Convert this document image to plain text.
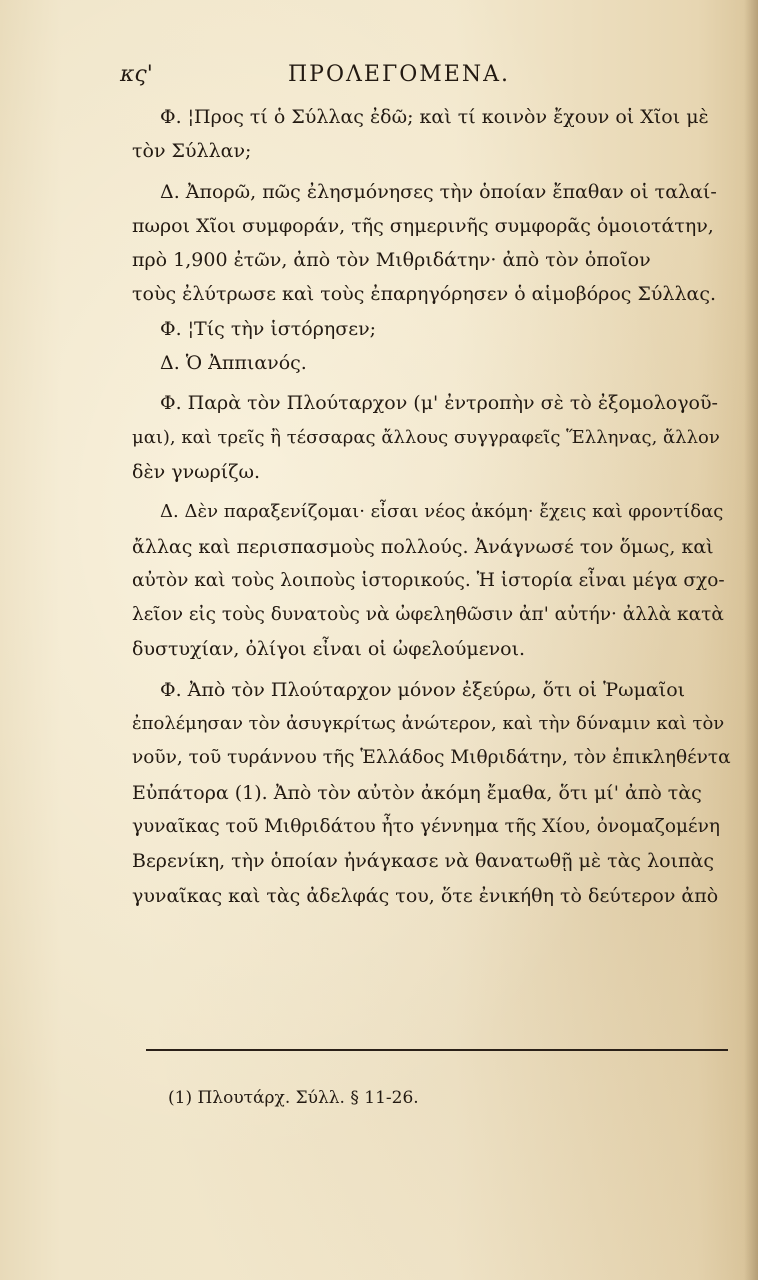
κς'	ΠΡΟΛΕΓΟΜΕΝΑ.
Φ. ¦Προς τί ὁ Σύλλας ἐδῶ; καὶ τί κοινὸν ἔχουν οἱ Χῖοι μὲ
τὸν Σύλλαν;
Δ. Ἀπορῶ, πῶς ἐλησμόνησες τὴν ὁποίαν ἔπαθαν οἱ ταλαί-
πωροι Χῖοι συμφοράν, τῆς σημερινῆς συμφορᾶς ὁμοιοτάτην,
πρὸ 1,900 ἐτῶν, ἀπὸ τὸν Μιθριδάτην· ἀπὸ τὸν ὁποῖον
τοὺς ἐλύτρωσε καὶ τοὺς ἐπαρηγόρησεν ὁ αἱμοβόρος Σύλλας.
Φ. ¦Τίς τὴν ἱστόρησεν;
Δ. Ὁ Ἀππιανός.
Φ. Παρὰ τὸν Πλούταρχον (μ' ἐντροπὴν σὲ τὸ ἐξομολογοῦ-
μαι), καὶ τρεῖς ἢ τέσσαρας ἄλλους συγγραφεῖς Ἕλληνας, ἄλλον
δὲν γνωρίζω.
Δ. Δὲν παραξενίζομαι· εἶσαι νέος ἀκόμη· ἔχεις καὶ φροντίδας
ἄλλας καὶ περισπασμοὺς πολλούς. Ἀνάγνωσέ τον ὅμως, καὶ
αὐτὸν καὶ τοὺς λοιποὺς ἱστορικούς. Ἡ ἱστορία εἶναι μέγα σχο-
λεῖον εἰς τοὺς δυνατοὺς νὰ ὠφεληθῶσιν ἀπ' αὐτήν· ἀλλὰ κατὰ
δυστυχίαν, ὀλίγοι εἶναι οἱ ὠφελούμενοι.
Φ. Ἀπὸ τὸν Πλούταρχον μόνον ἐξεύρω, ὅτι οἱ Ῥωμαῖοι
ἐπολέμησαν τὸν ἀσυγκρίτως ἀνώτερον, καὶ τὴν δύναμιν καὶ τὸν
νοῦν, τοῦ τυράννου τῆς Ἑλλάδος Μιθριδάτην, τὸν ἐπικληθέντα
Εὐπάτορα (1). Ἀπὸ τὸν αὐτὸν ἀκόμη ἔμαθα, ὅτι μί' ἀπὸ τὰς
γυναῖκας τοῦ Μιθριδάτου ἦτο γέννημα τῆς Χίου, ὀνομαζομένη
Βερενίκη, τὴν ὁποίαν ἠνάγκασε νὰ θανατωθῇ μὲ τὰς λοιπὰς
γυναῖκας καὶ τὰς ἀδελφάς του, ὅτε ἐνικήθη τὸ δεύτερον ἀπὸ
(1) Πλουτάρχ. Σύλλ. § 11-26.
